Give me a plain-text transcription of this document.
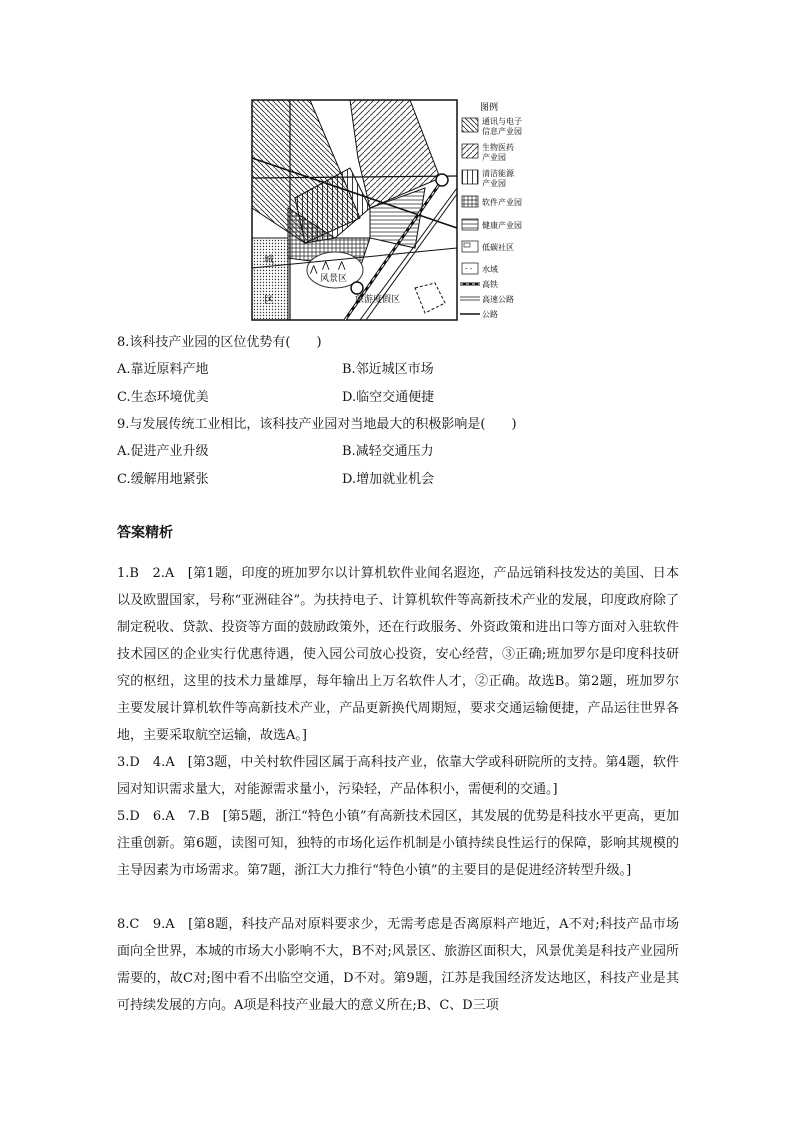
城
区
风景区
旅游度假区
⋀ ⋀ ⋀
图例
通讯与电子
信息产业园
生物医药
产业园
清洁能源
产业园
软件产业园
健康产业园
低碳社区
- - 水域
高铁
高速公路
公路
8.该科技产业园的区位优势有(　　)
A.靠近原料产地	B.邻近城区市场
C.生态环境优美	D.临空交通便捷
9.与发展传统工业相比，该科技产业园对当地最大的积极影响是(　　)
A.促进产业升级	B.减轻交通压力
C.缓解用地紧张	D.增加就业机会
答案精析
1.B　2.A　[第1题，印度的班加罗尔以计算机软件业闻名遐迩，产品远销科技发达的美国、日本以及欧盟国家，号称“亚洲硅谷”。为扶持电子、计算机软件等高新技术产业的发展，印度政府除了制定税收、贷款、投资等方面的鼓励政策外，还在行政服务、外资政策和进出口等方面对入驻软件技术园区的企业实行优惠待遇，使入园公司放心投资，安心经营，③正确;班加罗尔是印度科技研究的枢纽，这里的技术力量雄厚，每年输出上万名软件人才，②正确。故选B。第2题，班加罗尔主要发展计算机软件等高新技术产业，产品更新换代周期短，要求交通运输便捷，产品运往世界各地，主要采取航空运输，故选A。]
3.D　4.A　[第3题，中关村软件园区属于高科技产业，依靠大学或科研院所的支持。第4题，软件园对知识需求量大，对能源需求量小，污染轻，产品体积小，需便利的交通。]
5.D　6.A　7.B　[第5题，浙江“特色小镇”有高新技术园区，其发展的优势是科技水平更高，更加注重创新。第6题，读图可知，独特的市场化运作机制是小镇持续良性运行的保障，影响其规模的主导因素为市场需求。第7题，浙江大力推行“特色小镇”的主要目的是促进经济转型升级。]
8.C　9.A　[第8题，科技产品对原料要求少，无需考虑是否离原料产地近，A不对;科技产品市场面向全世界，本城的市场大小影响不大，B不对;风景区、旅游区面积大，风景优美是科技产业园所需要的，故C对;图中看不出临空交通，D不对。第9题，江苏是我国经济发达地区，科技产业是其可持续发展的方向。A项是科技产业最大的意义所在;B、C、D三项
